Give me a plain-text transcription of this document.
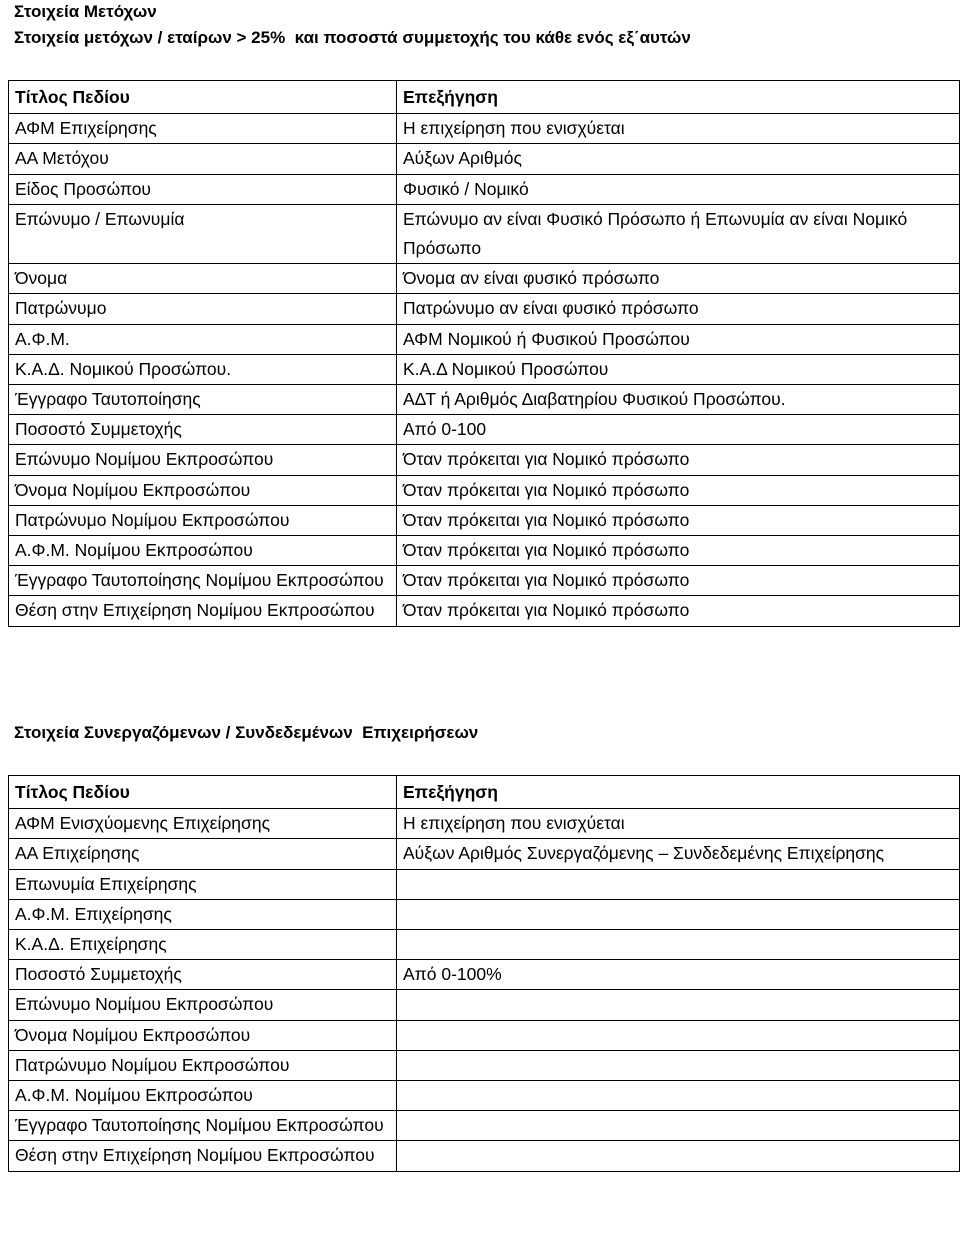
Στοιχεία Μετόχων
Στοιχεία μετόχων / εταίρων > 25%  και ποσοστά συμμετοχής του κάθε ενός εξ΄αυτών
Τίτλος Πεδίου	Επεξήγηση
ΑΦΜ Επιχείρησης	Η επιχείρηση που ενισχύεται
ΑΑ Μετόχου	Αύξων Αριθμός
Είδος Προσώπου	Φυσικό / Νομικό
Επώνυμο / Επωνυμία	Επώνυμο αν είναι Φυσικό Πρόσωπο ή Επωνυμία αν είναι Νομικό Πρόσωπο
Όνομα	Όνομα αν είναι φυσικό πρόσωπο
Πατρώνυμο	Πατρώνυμο αν είναι φυσικό πρόσωπο
Α.Φ.Μ.	ΑΦΜ Νομικού ή Φυσικού Προσώπου
Κ.Α.Δ. Νομικού Προσώπου.	Κ.Α.Δ Νομικού Προσώπου
Έγγραφο Ταυτοποίησης	ΑΔΤ ή Αριθμός Διαβατηρίου Φυσικού Προσώπου.
Ποσοστό Συμμετοχής	Από 0-100
Επώνυμο Νομίμου Εκπροσώπου	Όταν πρόκειται για Νομικό πρόσωπο
Όνομα Νομίμου Εκπροσώπου	Όταν πρόκειται για Νομικό πρόσωπο
Πατρώνυμο Νομίμου Εκπροσώπου	Όταν πρόκειται για Νομικό πρόσωπο
Α.Φ.Μ. Νομίμου Εκπροσώπου	Όταν πρόκειται για Νομικό πρόσωπο
Έγγραφο Ταυτοποίησης Νομίμου Εκπροσώπου	Όταν πρόκειται για Νομικό πρόσωπο
Θέση στην Επιχείρηση Νομίμου Εκπροσώπου	Όταν πρόκειται για Νομικό πρόσωπο
Στοιχεία Συνεργαζόμενων / Συνδεδεμένων  Επιχειρήσεων
Τίτλος Πεδίου	Επεξήγηση
ΑΦΜ Ενισχύομενης Επιχείρησης	Η επιχείρηση που ενισχύεται
ΑΑ Επιχείρησης	Αύξων Αριθμός Συνεργαζόμενης – Συνδεδεμένης Επιχείρησης
Επωνυμία Επιχείρησης	
Α.Φ.Μ. Επιχείρησης	
Κ.Α.Δ. Επιχείρησης	
Ποσοστό Συμμετοχής	Από 0-100%
Επώνυμο Νομίμου Εκπροσώπου	
Όνομα Νομίμου Εκπροσώπου	
Πατρώνυμο Νομίμου Εκπροσώπου	
Α.Φ.Μ. Νομίμου Εκπροσώπου	
Έγγραφο Ταυτοποίησης Νομίμου Εκπροσώπου	
Θέση στην Επιχείρηση Νομίμου Εκπροσώπου	
